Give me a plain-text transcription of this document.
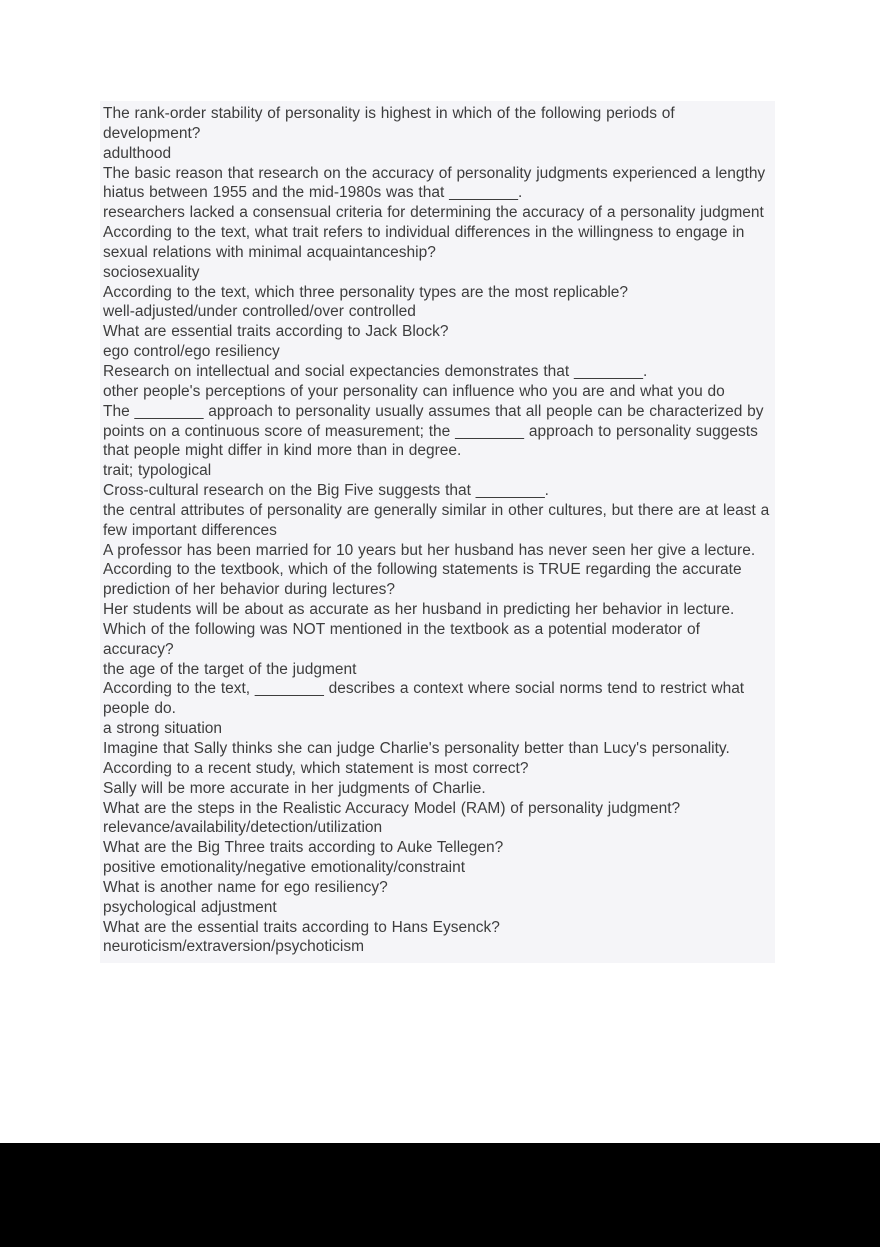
The rank-order stability of personality is highest in which of the following periods of development?

adulthood

The basic reason that research on the accuracy of personality judgments experienced a lengthy hiatus between 1955 and the mid-1980s was that ________.

researchers lacked a consensual criteria for determining the accuracy of a personality judgment

According to the text, what trait refers to individual differences in the willingness to engage in sexual relations with minimal acquaintanceship?

sociosexuality

According to the text, which three personality types are the most replicable?

well-adjusted/under controlled/over controlled

What are essential traits according to Jack Block?

ego control/ego resiliency

Research on intellectual and social expectancies demonstrates that ________.

other people's perceptions of your personality can influence who you are and what you do

The ________ approach to personality usually assumes that all people can be characterized by points on a continuous score of measurement; the ________ approach to personality suggests that people might differ in kind more than in degree.

trait; typological

Cross-cultural research on the Big Five suggests that ________.

the central attributes of personality are generally similar in other cultures, but there are at least a few important differences

A professor has been married for 10 years but her husband has never seen her give a lecture. According to the textbook, which of the following statements is TRUE regarding the accurate prediction of her behavior during lectures?

Her students will be about as accurate as her husband in predicting her behavior in lecture.

Which of the following was NOT mentioned in the textbook as a potential moderator of accuracy?

the age of the target of the judgment

According to the text, ________ describes a context where social norms tend to restrict what people do.

a strong situation

Imagine that Sally thinks she can judge Charlie's personality better than Lucy's personality. According to a recent study, which statement is most correct?

Sally will be more accurate in her judgments of Charlie.

What are the steps in the Realistic Accuracy Model (RAM) of personality judgment?

relevance/availability/detection/utilization

What are the Big Three traits according to Auke Tellegen?

positive emotionality/negative emotionality/constraint

What is another name for ego resiliency?

psychological adjustment

What are the essential traits according to Hans Eysenck?

neuroticism/extraversion/psychoticism
